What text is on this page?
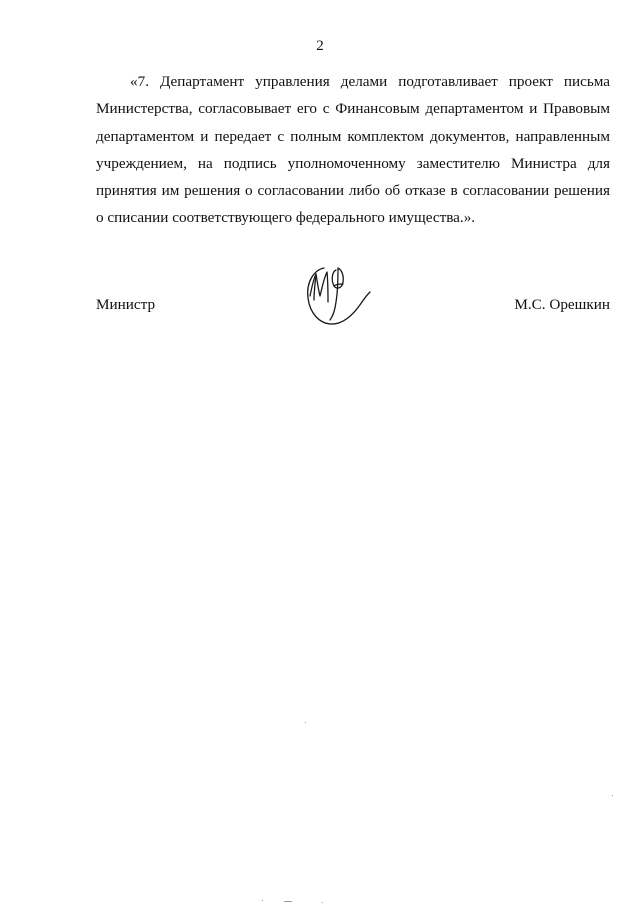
2
«7. Департамент управления делами подготавливает проект письма
Министерства, согласовывает его с Финансовым департаментом и Правовым
департаментом и передает с полным комплектом документов, направленным
учреждением, на подпись уполномоченному заместителю Министра для
принятия им решения о согласовании либо об отказе в согласовании решения
о списании соответствующего федерального имущества.».
Министр	М.С. Орешкин
